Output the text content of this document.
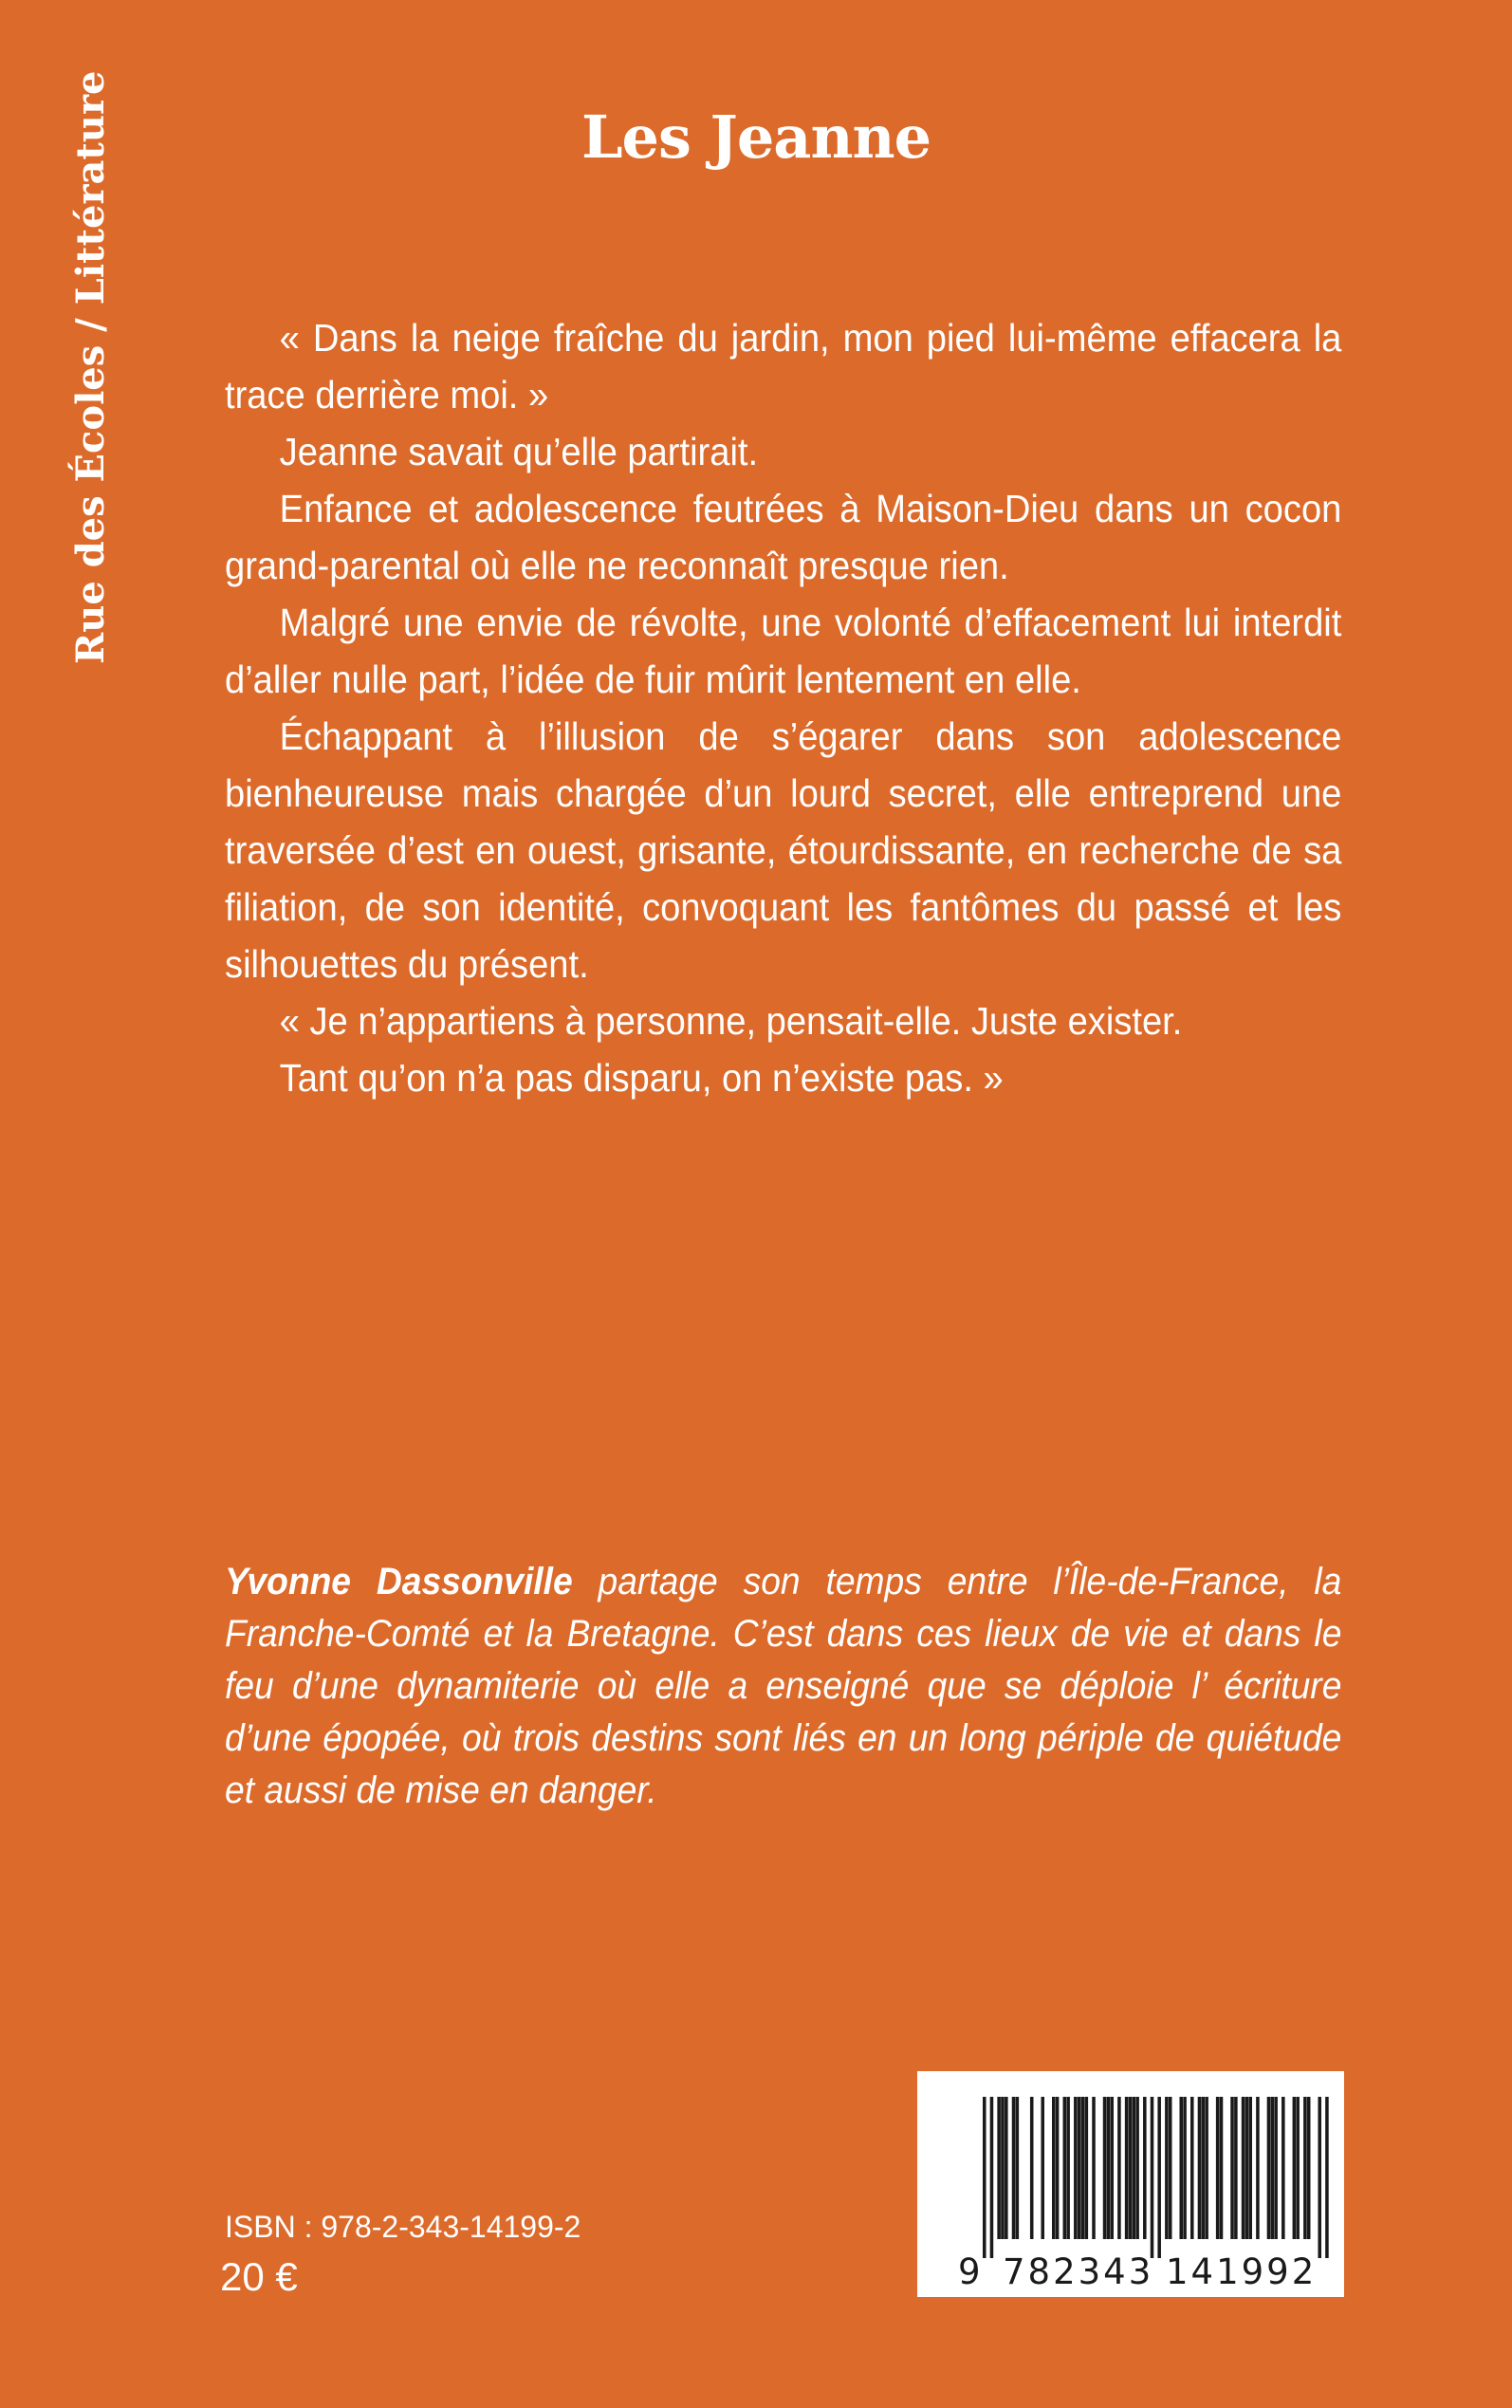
Rue des Écoles / Littérature	Les Jeanne

« Dans la neige fraîche du jardin, mon pied lui-même effacera la trace derrière moi. »

Jeanne savait qu’elle partirait.

Enfance et adolescence feutrées à Maison-Dieu dans un cocon grand-parental où elle ne reconnaît presque rien.

Malgré une envie de révolte, une volonté d’effacement lui interdit d’aller nulle part, l’idée de fuir mûrit lentement en elle.

Échappant à l’illusion de s’égarer dans son adolescence bienheureuse mais chargée d’un lourd secret, elle entreprend une traversée d’est en ouest, grisante, étourdissante, en recherche de sa filiation, de son identité, convoquant les fantômes du passé et les silhouettes du présent.

« Je n’appartiens à personne, pensait-elle. Juste exister.

Tant qu’on n’a pas disparu, on n’existe pas. »

Yvonne Dassonville partage son temps entre l’Île-de-France, la Franche-Comté et la Bretagne. C’est dans ces lieux de vie et dans le feu d’une dynamiterie où elle a enseigné que se déploie l’ écriture d’une épopée, où trois destins sont liés en un long périple de quiétude et aussi de mise en danger.
ISBN : 978-2-343-14199-2
20 €	9 782343 141992
